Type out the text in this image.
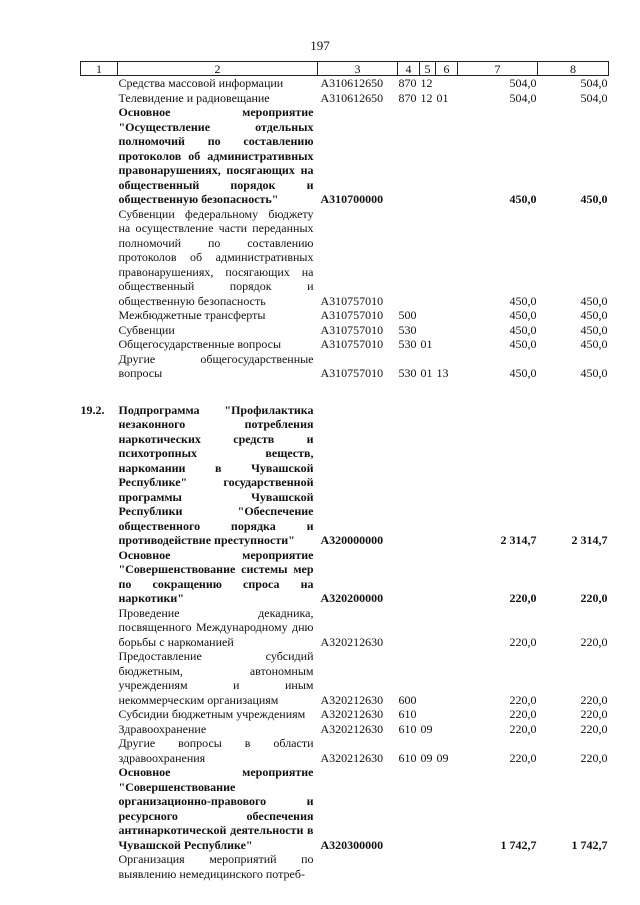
197
1	2	3	4	5	6	7	8
	Средства массовой информации	А310612650	870	12		504,0	504,0
	Телевидение и радиовещание	А310612650	870	12	01	504,0	504,0
	Основное мероприятие "Осуществление отдельных полномочий по составлению протоколов об административных правонарушениях, посягающих на общественный порядок и общественную безопасность"	А310700000				450,0	450,0
	Субвенции федеральному бюджету на осуществление части переданных полномочий по составлению протоколов об административных правонарушениях, посягающих на общественный порядок и общественную безопасность	А310757010				450,0	450,0
	Межбюджетные трансферты	А310757010	500			450,0	450,0
	Субвенции	А310757010	530			450,0	450,0
	Общегосударственные вопросы	А310757010	530	01		450,0	450,0
	Другие общегосударственные вопросы	А310757010	530	01	13	450,0	450,0

19.2.	Подпрограмма "Профилактика незаконного потребления наркотических средств и психотропных веществ, наркомании в Чувашской Республике" государственной программы Чувашской Республики "Обеспечение общественного порядка и противодействие преступности"	А320000000				2 314,7	2 314,7
	Основное мероприятие "Совершенствование системы мер по сокращению спроса на наркотики"	А320200000				220,0	220,0
	Проведение декадника, посвященного Международному дню борьбы с наркоманией	А320212630				220,0	220,0
	Предоставление субсидий бюджетным, автономным учреждениям и иным некоммерческим организациям	А320212630	600			220,0	220,0
	Субсидии бюджетным учреждениям	А320212630	610			220,0	220,0
	Здравоохранение	А320212630	610	09		220,0	220,0
	Другие вопросы в области здравоохранения	А320212630	610	09	09	220,0	220,0
	Основное мероприятие "Совершенствование организационно-правового и ресурсного обеспечения антинаркотической деятельности в Чувашской Республике"	А320300000				1 742,7	1 742,7
	Организация мероприятий по выявлению немедицинского потреб-						
